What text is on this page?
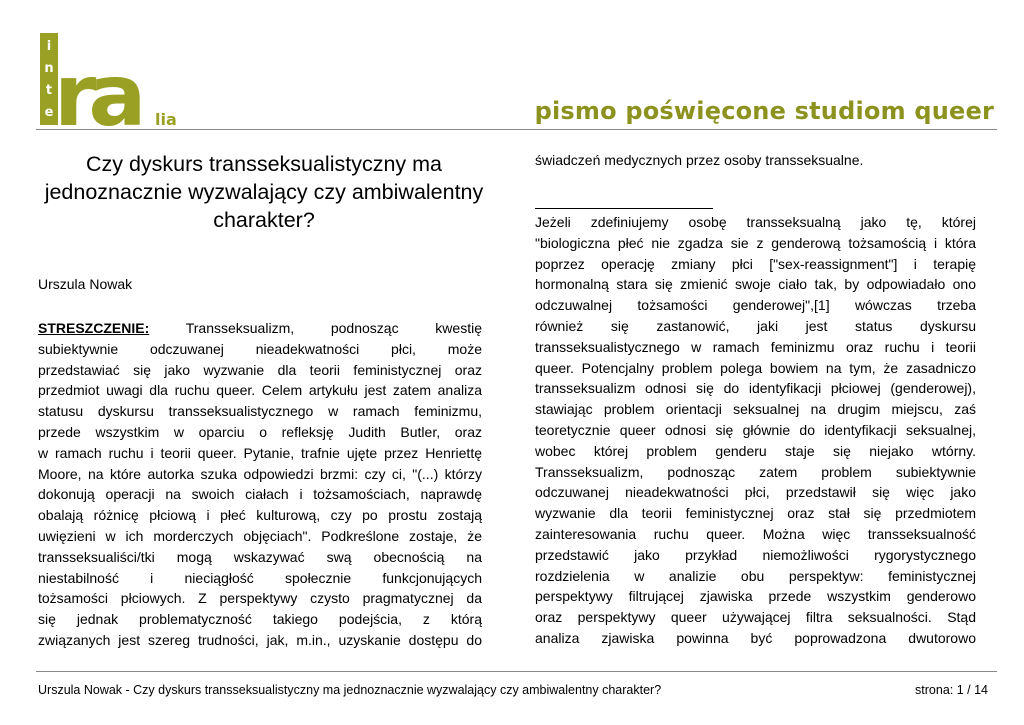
i
n
t
e ra lia	pismo poświęcone studiom queer
Czy dyskurs transseksualistyczny ma
jednoznacznie wyzwalający czy ambiwalentny
charakter?
Urszula Nowak
STRESZCZENIE: Transseksualizm, podnosząc kwestię
subiektywnie odczuwanej nieadekwatności płci, może
przedstawiać się jako wyzwanie dla teorii feministycznej oraz
przedmiot uwagi dla ruchu queer. Celem artykułu jest zatem analiza
statusu dyskursu transseksualistycznego w ramach feminizmu,
przede wszystkim w oparciu o refleksję Judith Butler, oraz
w ramach ruchu i teorii queer. Pytanie, trafnie ujęte przez Henriettę
Moore, na które autorka szuka odpowiedzi brzmi: czy ci, "(...) którzy
dokonują operacji na swoich ciałach i tożsamościach, naprawdę
obalają różnicę płciową i płeć kulturową, czy po prostu zostają
uwięzieni w ich morderczych objęciach". Podkreślone zostaje, że
transseksualiści/tki mogą wskazywać swą obecnością na
niestabilność i nieciągłość społecznie funkcjonujących
tożsamości płciowych. Z perspektywy czysto pragmatycznej da
się jednak problematyczność takiego podejścia, z którą
związanych jest szereg trudności, jak, m.in., uzyskanie dostępu do
świadczeń medycznych przez osoby transseksualne.
Jeżeli zdefiniujemy osobę transseksualną jako tę, której
"biologiczna płeć nie zgadza sie z genderową tożsamością i która
poprzez operację zmiany płci ["sex-reassignment"] i terapię
hormonalną stara się zmienić swoje ciało tak, by odpowiadało ono
odczuwalnej tożsamości genderowej",[1] wówczas trzeba
również się zastanowić, jaki jest status dyskursu
transseksualistycznego w ramach feminizmu oraz ruchu i teorii
queer. Potencjalny problem polega bowiem na tym, że zasadniczo
transseksualizm odnosi się do identyfikacji płciowej (genderowej),
stawiając problem orientacji seksualnej na drugim miejscu, zaś
teoretycznie queer odnosi się głównie do identyfikacji seksualnej,
wobec której problem genderu staje się niejako wtórny.
Transseksualizm, podnosząc zatem problem subiektywnie
odczuwanej nieadekwatności płci, przedstawił się więc jako
wyzwanie dla teorii feministycznej oraz stał się przedmiotem
zainteresowania ruchu queer. Można więc transseksualność
przedstawić jako przykład niemożliwości rygorystycznego
rozdzielenia w analizie obu perspektyw: feministycznej
perspektywy filtrującej zjawiska przede wszystkim genderowo
oraz perspektywy queer używającej filtra seksualności. Stąd
analiza zjawiska powinna być poprowadzona dwutorowo
Urszula Nowak - Czy dyskurs transseksualistyczny ma jednoznacznie wyzwalający czy ambiwalentny charakter?	strona: 1 / 14
